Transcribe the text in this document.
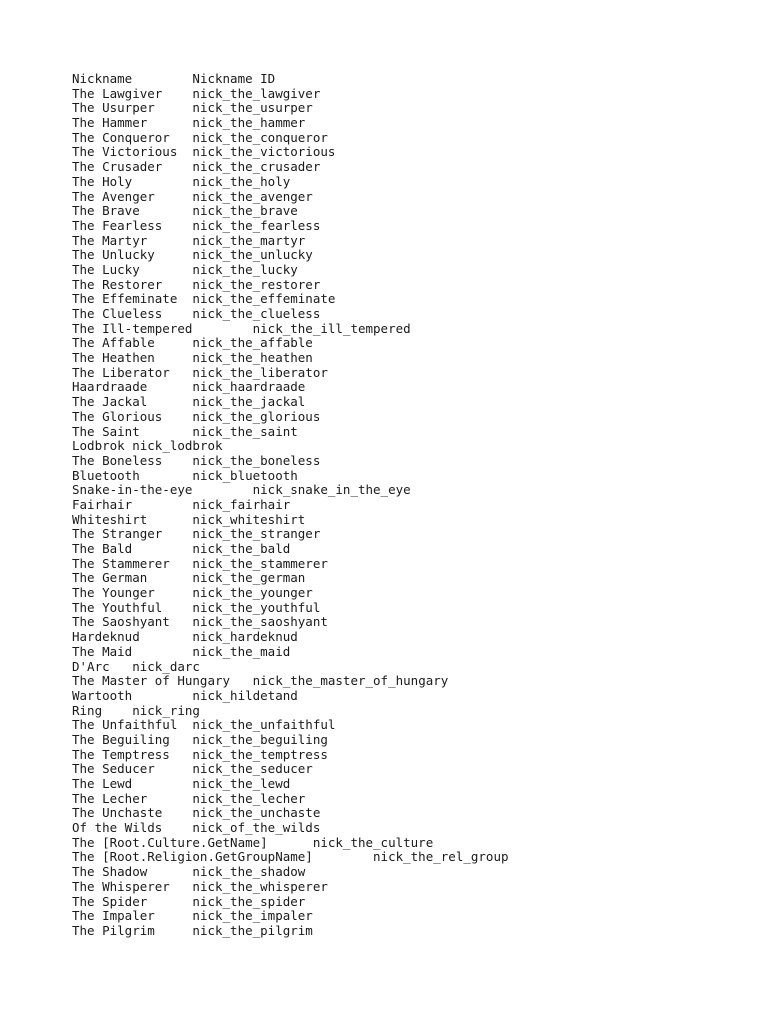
Nickname	Nickname ID
The Lawgiver	nick_the_lawgiver
The Usurper	nick_the_usurper
The Hammer	nick_the_hammer
The Conqueror	nick_the_conqueror
The Victorious	nick_the_victorious
The Crusader	nick_the_crusader
The Holy	nick_the_holy
The Avenger	nick_the_avenger
The Brave	nick_the_brave
The Fearless	nick_the_fearless
The Martyr	nick_the_martyr
The Unlucky	nick_the_unlucky
The Lucky	nick_the_lucky
The Restorer	nick_the_restorer
The Effeminate	nick_the_effeminate
The Clueless	nick_the_clueless
The Ill-tempered	nick_the_ill_tempered
The Affable	nick_the_affable
The Heathen	nick_the_heathen
The Liberator	nick_the_liberator
Haardraade	nick_haardraade
The Jackal	nick_the_jackal
The Glorious	nick_the_glorious
The Saint	nick_the_saint
Lodbrok	nick_lodbrok
The Boneless	nick_the_boneless
Bluetooth	nick_bluetooth
Snake-in-the-eye	nick_snake_in_the_eye
Fairhair	nick_fairhair
Whiteshirt	nick_whiteshirt
The Stranger	nick_the_stranger
The Bald	nick_the_bald
The Stammerer	nick_the_stammerer
The German	nick_the_german
The Younger	nick_the_younger
The Youthful	nick_the_youthful
The Saoshyant	nick_the_saoshyant
Hardeknud	nick_hardeknud
The Maid	nick_the_maid
D'Arc	nick_darc
The Master of Hungary	nick_the_master_of_hungary
Wartooth	nick_hildetand
Ring	nick_ring
The Unfaithful	nick_the_unfaithful
The Beguiling	nick_the_beguiling
The Temptress	nick_the_temptress
The Seducer	nick_the_seducer
The Lewd	nick_the_lewd
The Lecher	nick_the_lecher
The Unchaste	nick_the_unchaste
Of the Wilds	nick_of_the_wilds
The [Root.Culture.GetName]	nick_the_culture
The [Root.Religion.GetGroupName]	nick_the_rel_group
The Shadow	nick_the_shadow
The Whisperer	nick_the_whisperer
The Spider	nick_the_spider
The Impaler	nick_the_impaler
The Pilgrim	nick_the_pilgrim
